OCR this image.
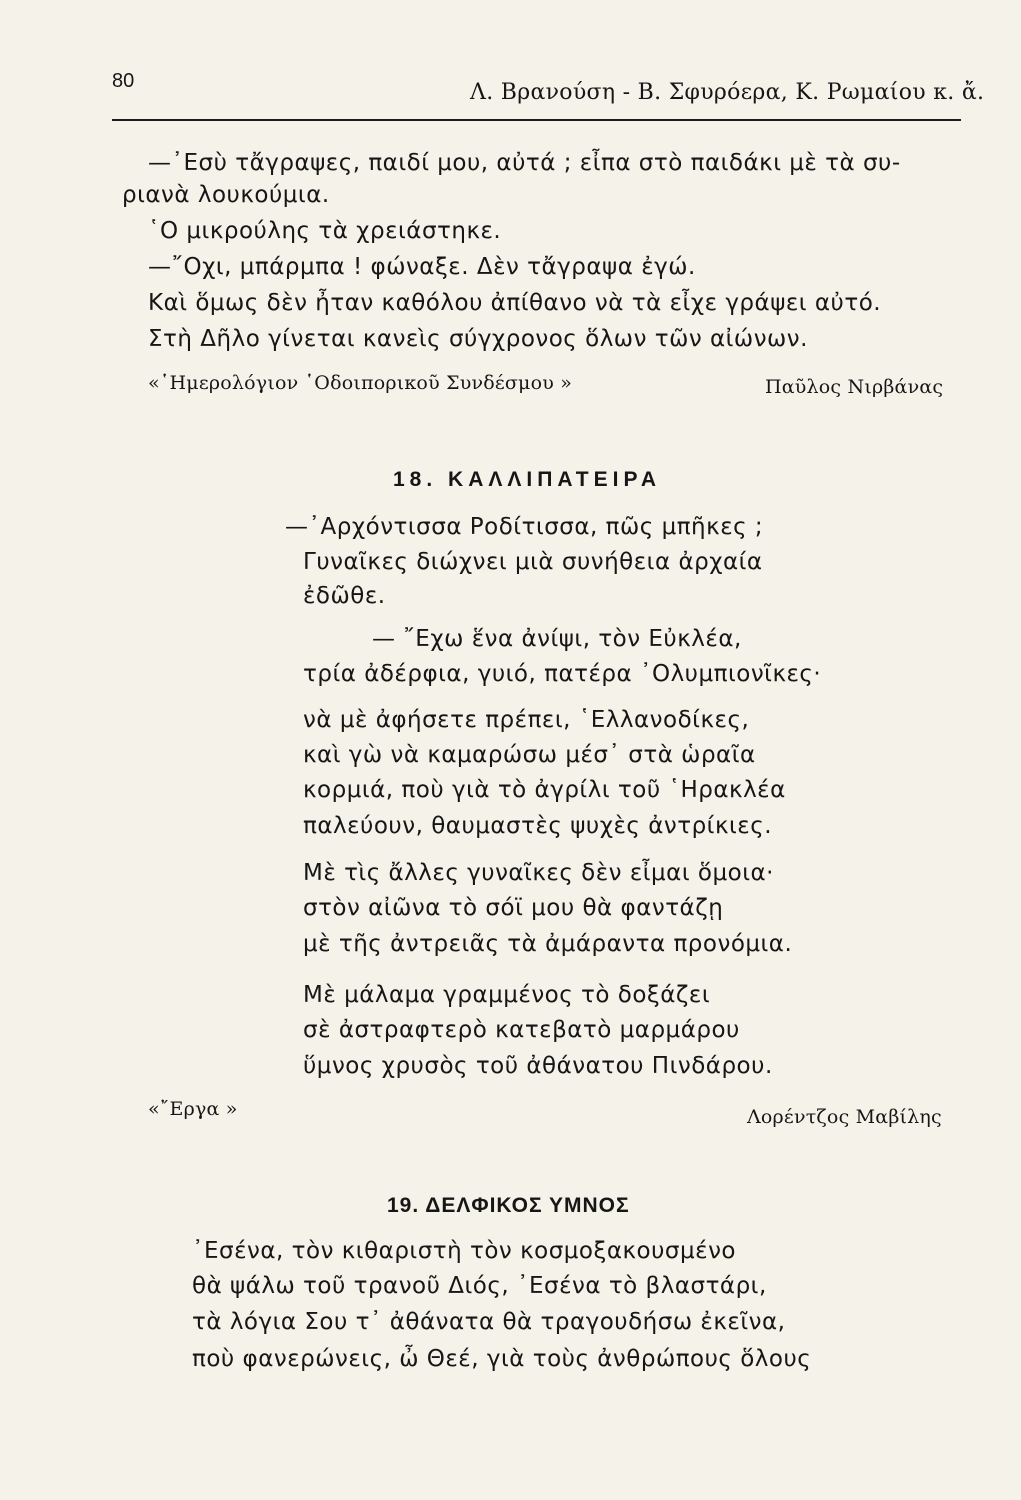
80	Λ. Βρανούση - Β. Σφυρόερα, Κ. Ρωμαίου κ. ἄ.
—᾿Εσὺ τἄγραψες, παιδί μου, αὐτά ; εἶπα στὸ παιδάκι μὲ τὰ συ-
ριανὰ λουκούμια.
῾Ο μικρούλης τὰ χρειάστηκε.
—῎Οχι, μπάρμπα ! φώναξε. Δὲν τἄγραψα ἐγώ.
Καὶ ὅμως δὲν ἦταν καθόλου ἀπίθανο νὰ τὰ εἶχε γράψει αὐτό.
Στὴ Δῆλο γίνεται κανεὶς σύγχρονος ὅλων τῶν αἰώνων.
«῾Ημερολόγιον ῾Οδοιπορικοῦ Συνδέσμου »	Παῦλος Νιρβάνας
18. ΚΑΛΛΙΠΑΤΕΙΡΑ
—᾿Αρχόντισσα Ροδίτισσα, πῶς μπῆκες ;
Γυναῖκες διώχνει μιὰ συνήθεια ἀρχαία
ἐδῶθε.
— ῎Εχω ἕνα ἀνίψι, τὸν Εὐκλέα,
τρία ἀδέρφια, γυιό, πατέρα ᾿Ολυμπιονῖκες·
νὰ μὲ ἀφήσετε πρέπει, ῾Ελλανοδίκες,
καὶ γὼ νὰ καμαρώσω μέσ᾿ στὰ ὡραῖα
κορμιά, ποὺ γιὰ τὸ ἀγρίλι τοῦ ῾Ηρακλέα
παλεύουν, θαυμαστὲς ψυχὲς ἀντρίκιες.
Μὲ τὶς ἄλλες γυναῖκες δὲν εἶμαι ὅμοια·
στὸν αἰῶνα τὸ σόϊ μου θὰ φαντάζῃ
μὲ τῆς ἀντρειᾶς τὰ ἀμάραντα προνόμια.
Μὲ μάλαμα γραμμένος τὸ δοξάζει
σὲ ἀστραφτερὸ κατεβατὸ μαρμάρου
ὕμνος χρυσὸς τοῦ ἀθάνατου Πινδάρου.
«῎Εργα »	Λορέντζος Μαβίλης
19. ΔΕΛΦΙΚΟΣ ΥΜΝΟΣ
᾿Εσένα, τὸν κιθαριστὴ τὸν κοσμοξακουσμένο
θὰ ψάλω τοῦ τρανοῦ Διός, ᾿Εσένα τὸ βλαστάρι,
τὰ λόγια Σου τ᾿ ἀθάνατα θὰ τραγουδήσω ἐκεῖνα,
ποὺ φανερώνεις, ὦ Θεέ, γιὰ τοὺς ἀνθρώπους ὅλους
